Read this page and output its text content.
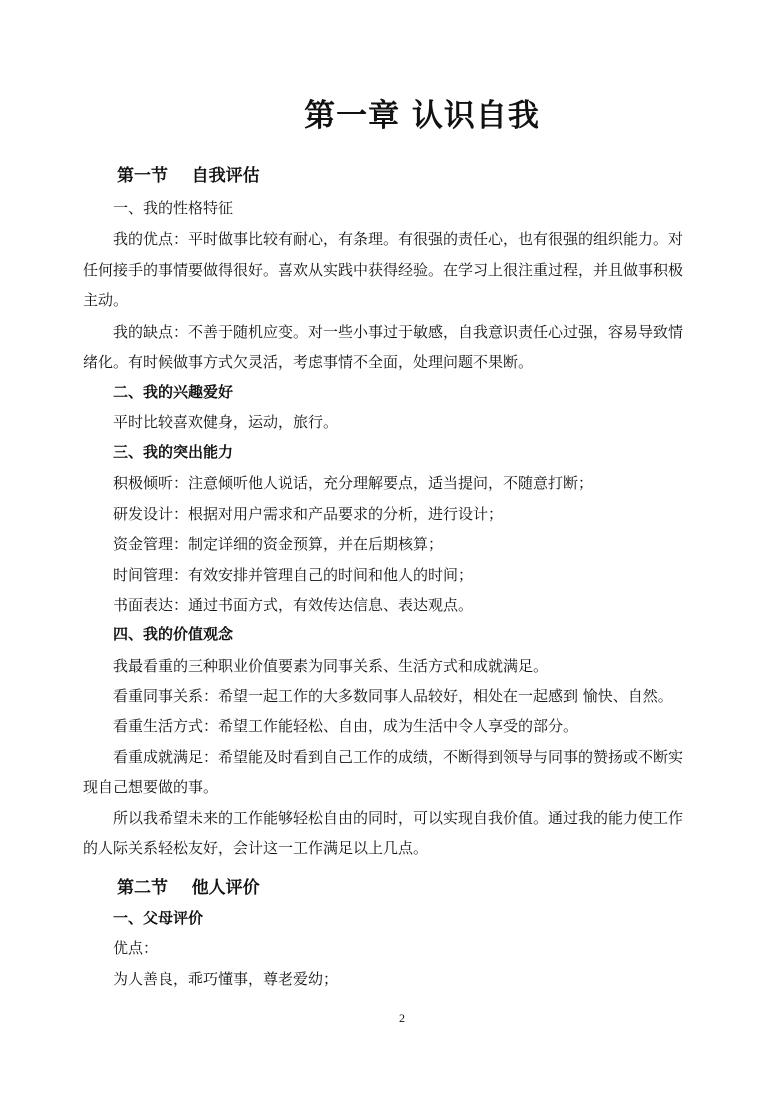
第一章 认识自我
第一节    自我评估
一、我的性格特征
我的优点：平时做事比较有耐心，有条理。有很强的责任心，也有很强的组织能力。对
任何接手的事情要做得很好。喜欢从实践中获得经验。在学习上很注重过程，并且做事积极
主动。
我的缺点：不善于随机应变。对一些小事过于敏感，自我意识责任心过强，容易导致情
绪化。有时候做事方式欠灵活，考虑事情不全面，处理问题不果断。
二、我的兴趣爱好
平时比较喜欢健身，运动，旅行。
三、我的突出能力
积极倾听：注意倾听他人说话，充分理解要点，适当提问，不随意打断；
研发设计：根据对用户需求和产品要求的分析，进行设计；
资金管理：制定详细的资金预算，并在后期核算；
时间管理：有效安排并管理自己的时间和他人的时间；
书面表达：通过书面方式，有效传达信息、表达观点。
四、我的价值观念
我最看重的三种职业价值要素为同事关系、生活方式和成就满足。
看重同事关系：希望一起工作的大多数同事人品较好，相处在一起感到 愉快、自然。
看重生活方式：希望工作能轻松、自由，成为生活中令人享受的部分。
看重成就满足：希望能及时看到自己工作的成绩，不断得到领导与同事的赞扬或不断实
现自己想要做的事。
所以我希望未来的工作能够轻松自由的同时，可以实现自我价值。通过我的能力使工作
的人际关系轻松友好，会计这一工作满足以上几点。
第二节    他人评价
一、父母评价
优点：
为人善良，乖巧懂事，尊老爱幼；
2
